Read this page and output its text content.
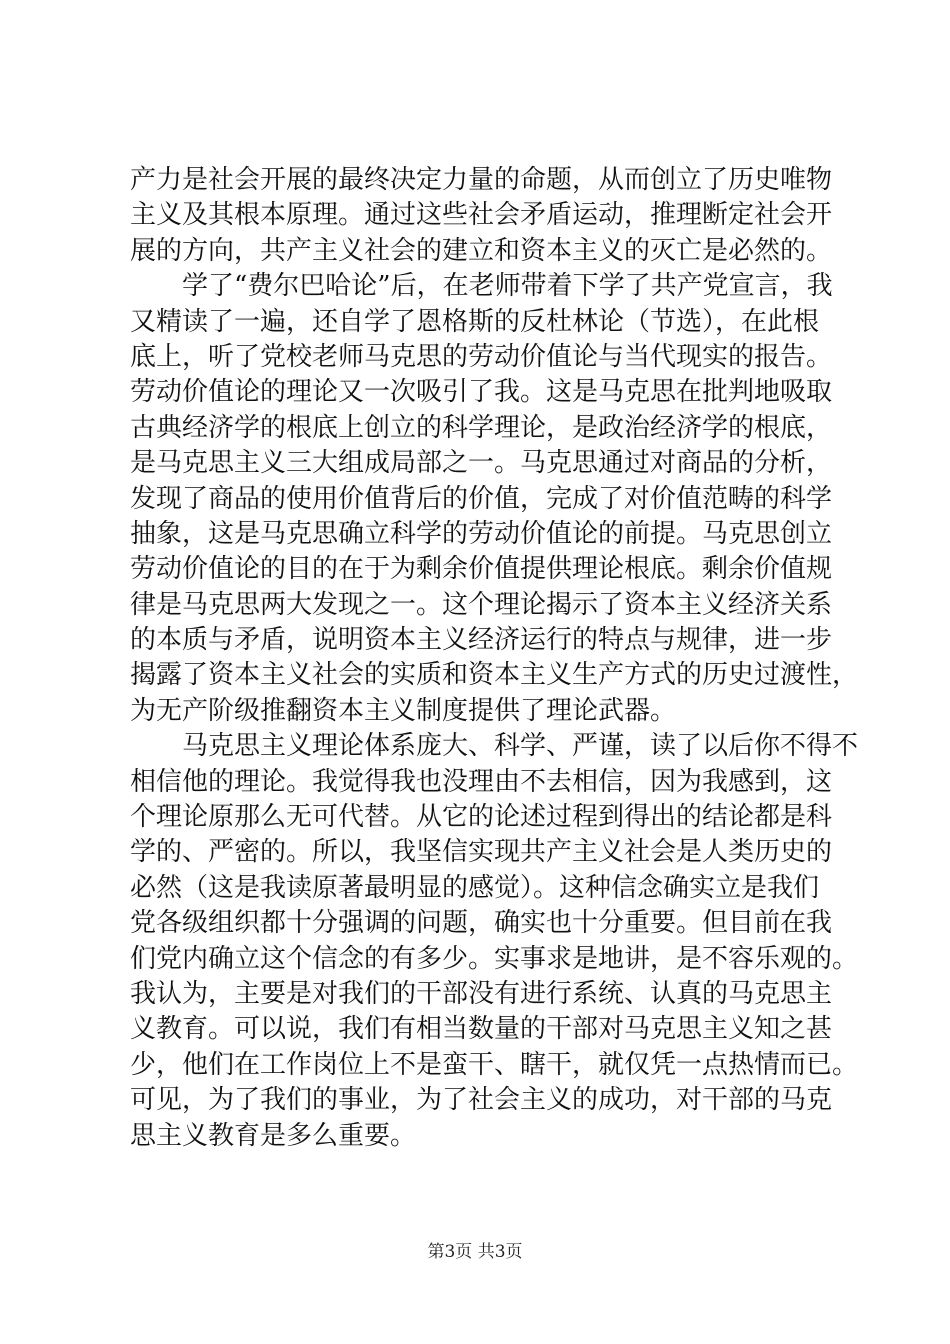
产力是社会开展的最终决定力量的命题，从而创立了历史唯物
主义及其根本原理。通过这些社会矛盾运动，推理断定社会开
展的方向，共产主义社会的建立和资本主义的灭亡是必然的。
学了“费尔巴哈论”后，在老师带着下学了共产党宣言，我
又精读了一遍，还自学了恩格斯的反杜林论（节选），在此根
底上，听了党校老师马克思的劳动价值论与当代现实的报告。
劳动价值论的理论又一次吸引了我。这是马克思在批判地吸取
古典经济学的根底上创立的科学理论，是政治经济学的根底，
是马克思主义三大组成局部之一。马克思通过对商品的分析，
发现了商品的使用价值背后的价值，完成了对价值范畴的科学
抽象，这是马克思确立科学的劳动价值论的前提。马克思创立
劳动价值论的目的在于为剩余价值提供理论根底。剩余价值规
律是马克思两大发现之一。这个理论揭示了资本主义经济关系
的本质与矛盾，说明资本主义经济运行的特点与规律，进一步
揭露了资本主义社会的实质和资本主义生产方式的历史过渡性，
为无产阶级推翻资本主义制度提供了理论武器。
马克思主义理论体系庞大、科学、严谨，读了以后你不得不
相信他的理论。我觉得我也没理由不去相信，因为我感到，这
个理论原那么无可代替。从它的论述过程到得出的结论都是科
学的、严密的。所以，我坚信实现共产主义社会是人类历史的
必然（这是我读原著最明显的感觉）。这种信念确实立是我们
党各级组织都十分强调的问题，确实也十分重要。但目前在我
们党内确立这个信念的有多少。实事求是地讲，是不容乐观的。
我认为，主要是对我们的干部没有进行系统、认真的马克思主
义教育。可以说，我们有相当数量的干部对马克思主义知之甚
少，他们在工作岗位上不是蛮干、瞎干，就仅凭一点热情而已。
可见，为了我们的事业，为了社会主义的成功，对干部的马克
思主义教育是多么重要。
第3页 共3页
